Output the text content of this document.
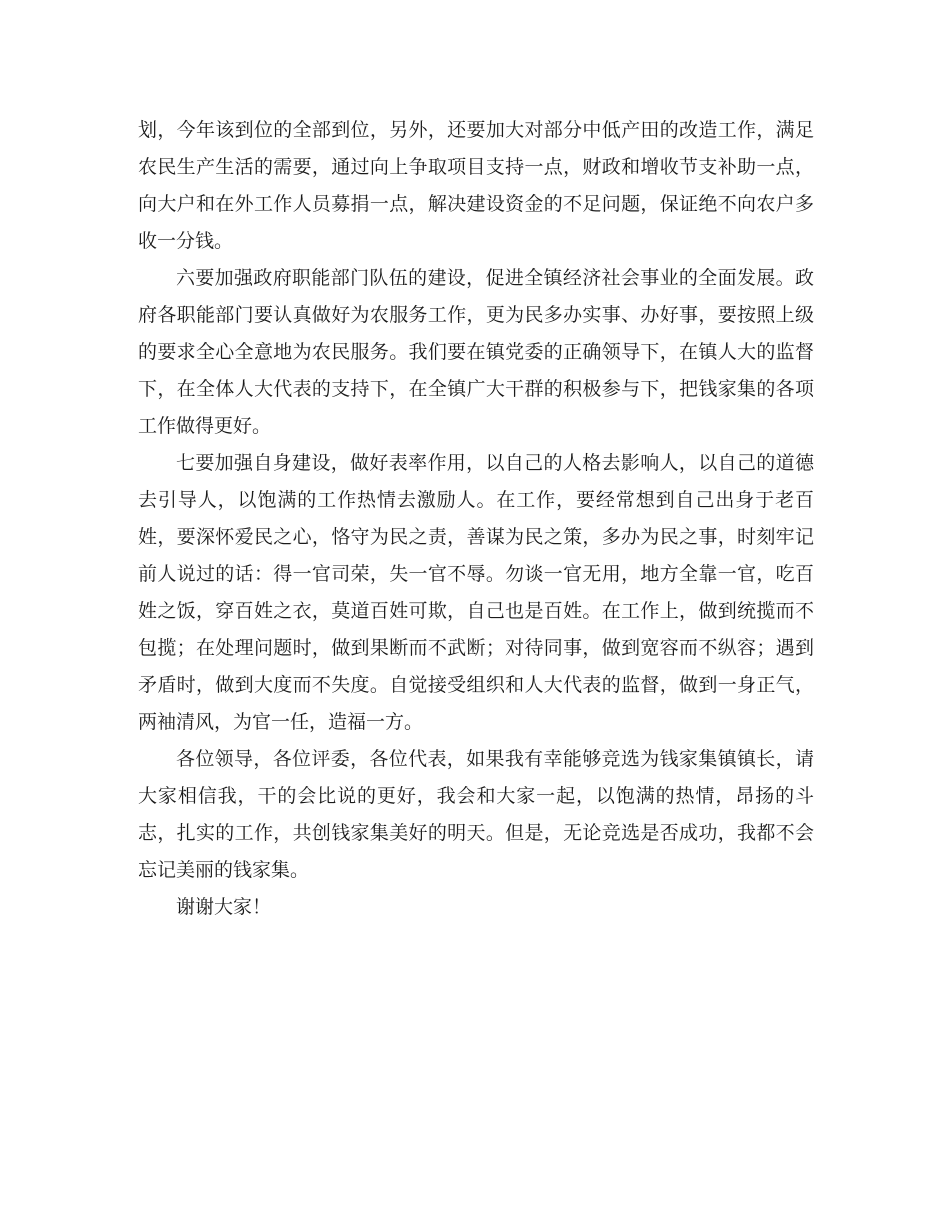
划，今年该到位的全部到位，另外，还要加大对部分中低产田的改造工作，满足农民生产生活的需要，通过向上争取项目支持一点，财政和增收节支补助一点，向大户和在外工作人员募捐一点，解决建设资金的不足问题，保证绝不向农户多收一分钱。

六要加强政府职能部门队伍的建设，促进全镇经济社会事业的全面发展。政府各职能部门要认真做好为农服务工作，更为民多办实事、办好事，要按照上级的要求全心全意地为农民服务。我们要在镇党委的正确领导下，在镇人大的监督下，在全体人大代表的支持下，在全镇广大干群的积极参与下，把钱家集的各项工作做得更好。

七要加强自身建设，做好表率作用，以自己的人格去影响人，以自己的道德去引导人，以饱满的工作热情去激励人。在工作，要经常想到自己出身于老百姓，要深怀爱民之心，恪守为民之责，善谋为民之策，多办为民之事，时刻牢记前人说过的话：得一官司荣，失一官不辱。勿谈一官无用，地方全靠一官，吃百姓之饭，穿百姓之衣，莫道百姓可欺，自己也是百姓。在工作上，做到统揽而不包揽；在处理问题时，做到果断而不武断；对待同事，做到宽容而不纵容；遇到矛盾时，做到大度而不失度。自觉接受组织和人大代表的监督，做到一身正气，两袖清风，为官一任，造福一方。

各位领导，各位评委，各位代表，如果我有幸能够竞选为钱家集镇镇长，请大家相信我，干的会比说的更好，我会和大家一起，以饱满的热情，昂扬的斗志，扎实的工作，共创钱家集美好的明天。但是，无论竞选是否成功，我都不会忘记美丽的钱家集。

谢谢大家！
